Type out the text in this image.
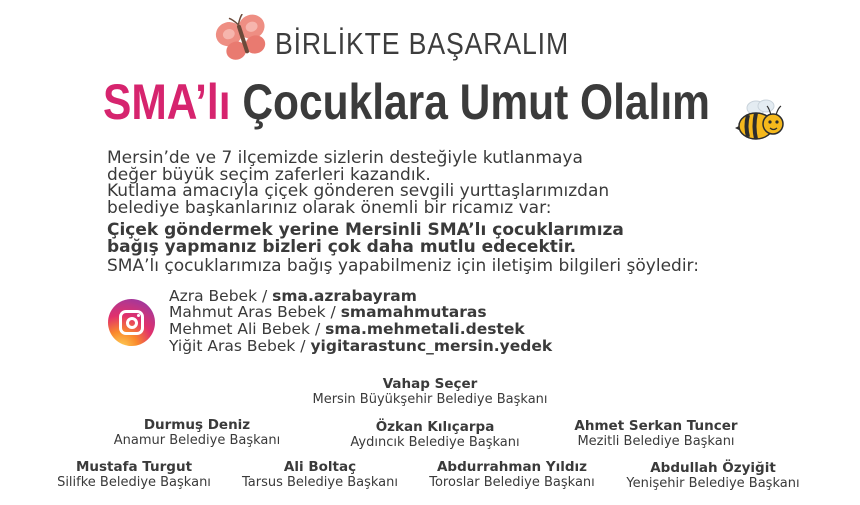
BİRLİKTE BAŞARALIM
SMA’lı Çocuklara Umut Olalım
Mersin’de ve 7 ilçemizde sizlerin desteğiyle kutlanmaya
değer büyük seçim zaferleri kazandık.
Kutlama amacıyla çiçek gönderen sevgili yurttaşlarımızdan
belediye başkanlarınız olarak önemli bir ricamız var:
Çiçek göndermek yerine Mersinli SMA’lı çocuklarımıza
bağış yapmanız bizleri çok daha mutlu edecektir.
SMA’lı çocuklarımıza bağış yapabilmeniz için iletişim bilgileri şöyledir:
Azra Bebek / sma.azrabayram
Mahmut Aras Bebek / smamahmutaras
Mehmet Ali Bebek / sma.mehmetali.destek
Yiğit Aras Bebek / yigitarastunc_mersin.yedek
Vahap Seçer
Mersin Büyükşehir Belediye Başkanı
Durmuş Deniz
Anamur Belediye Başkanı
Özkan Kılıçarpa
Aydıncık Belediye Başkanı
Ahmet Serkan Tuncer
Mezitli Belediye Başkanı
Mustafa Turgut
Silifke Belediye Başkanı
Ali Boltaç
Tarsus Belediye Başkanı
Abdurrahman Yıldız
Toroslar Belediye Başkanı
Abdullah Özyiğit
Yenişehir Belediye Başkanı
